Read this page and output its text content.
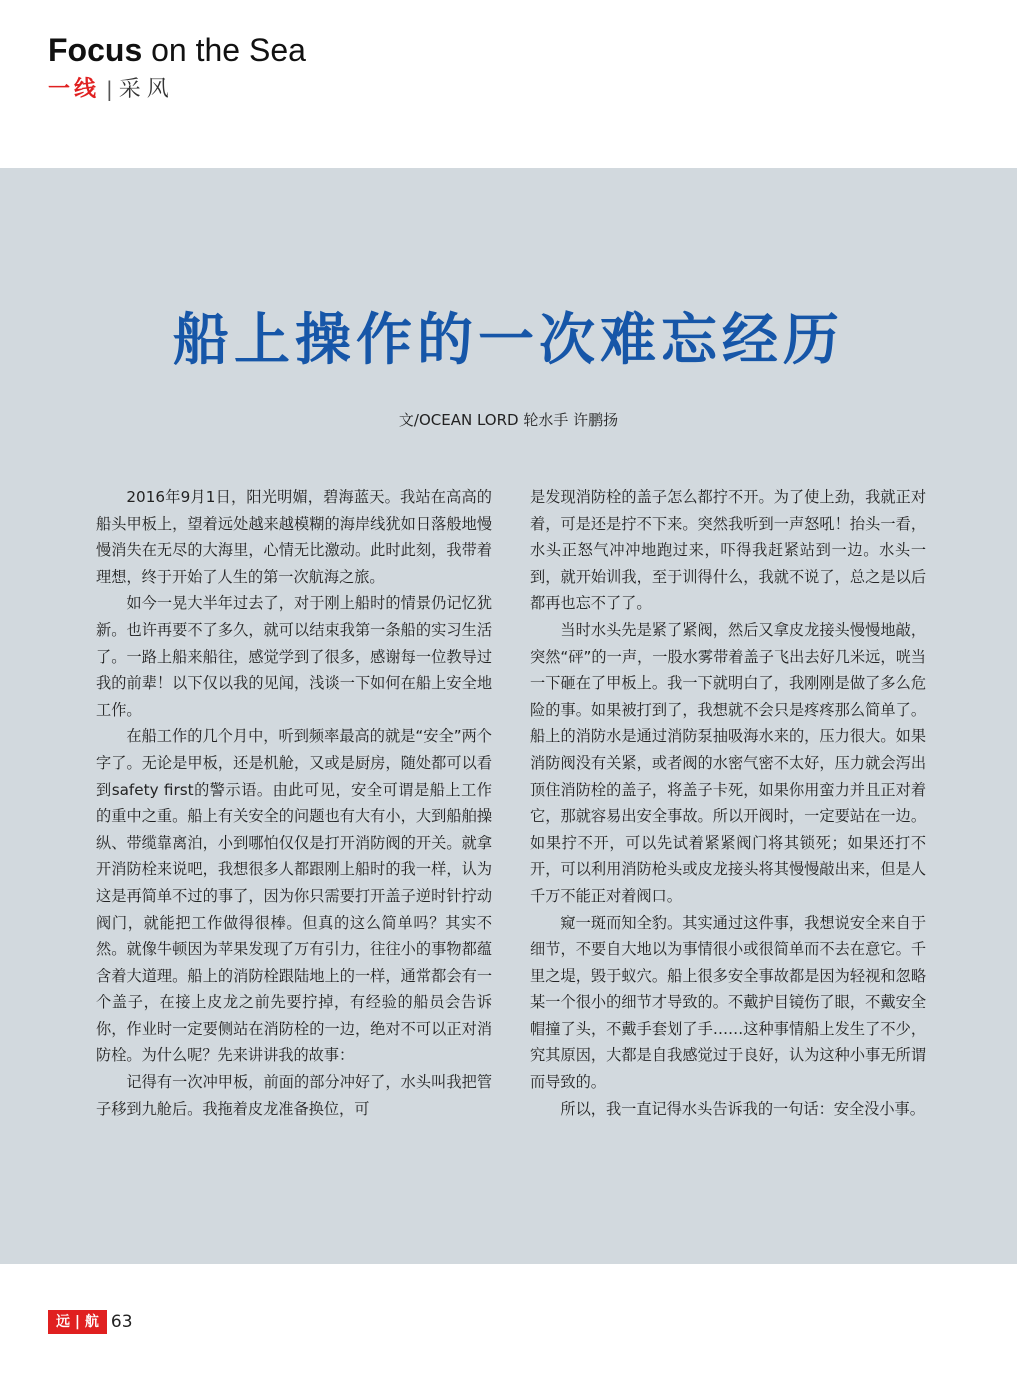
Focus on the Sea
一线 | 采风
船上操作的一次难忘经历
文/OCEAN LORD 轮水手 许鹏扬

2016年9月1日，阳光明媚，碧海蓝天。我站在高高的船头甲板上，望着远处越来越模糊的海岸线犹如日落般地慢慢消失在无尽的大海里，心情无比激动。此时此刻，我带着理想，终于开始了人生的第一次航海之旅。

如今一晃大半年过去了，对于刚上船时的情景仍记忆犹新。也许再要不了多久，就可以结束我第一条船的实习生活了。一路上船来船往，感觉学到了很多，感谢每一位教导过我的前辈！以下仅以我的见闻，浅谈一下如何在船上安全地工作。

在船工作的几个月中，听到频率最高的就是“安全”两个字了。无论是甲板，还是机舱，又或是厨房，随处都可以看到safety first的警示语。由此可见，安全可谓是船上工作的重中之重。船上有关安全的问题也有大有小，大到船舶操纵、带缆靠离泊，小到哪怕仅仅是打开消防阀的开关。就拿开消防栓来说吧，我想很多人都跟刚上船时的我一样，认为这是再简单不过的事了，因为你只需要打开盖子逆时针拧动阀门，就能把工作做得很棒。但真的这么简单吗？其实不然。就像牛顿因为苹果发现了万有引力，往往小的事物都蕴含着大道理。船上的消防栓跟陆地上的一样，通常都会有一个盖子，在接上皮龙之前先要拧掉，有经验的船员会告诉你，作业时一定要侧站在消防栓的一边，绝对不可以正对消防栓。为什么呢？先来讲讲我的故事：

记得有一次冲甲板，前面的部分冲好了，水头叫我把管子移到九舱后。我拖着皮龙准备换位，可

是发现消防栓的盖子怎么都拧不开。为了使上劲，我就正对着，可是还是拧不下来。突然我听到一声怒吼！抬头一看，水头正怒气冲冲地跑过来，吓得我赶紧站到一边。水头一到，就开始训我，至于训得什么，我就不说了，总之是以后都再也忘不了了。

当时水头先是紧了紧阀，然后又拿皮龙接头慢慢地敲，突然“砰”的一声，一股水雾带着盖子飞出去好几米远，咣当一下砸在了甲板上。我一下就明白了，我刚刚是做了多么危险的事。如果被打到了，我想就不会只是疼疼那么简单了。船上的消防水是通过消防泵抽吸海水来的，压力很大。如果消防阀没有关紧，或者阀的水密气密不太好，压力就会泻出顶住消防栓的盖子，将盖子卡死，如果你用蛮力并且正对着它，那就容易出安全事故。所以开阀时，一定要站在一边。如果拧不开，可以先试着紧紧阀门将其锁死；如果还打不开，可以利用消防枪头或皮龙接头将其慢慢敲出来，但是人千万不能正对着阀口。

窥一斑而知全豹。其实通过这件事，我想说安全来自于细节，不要自大地以为事情很小或很简单而不去在意它。千里之堤，毁于蚁穴。船上很多安全事故都是因为轻视和忽略某一个很小的细节才导致的。不戴护目镜伤了眼，不戴安全帽撞了头，不戴手套划了手……这种事情船上发生了不少，究其原因，大都是自我感觉过于良好，认为这种小事无所谓而导致的。

所以，我一直记得水头告诉我的一句话：安全没小事。

远 | 航 63
